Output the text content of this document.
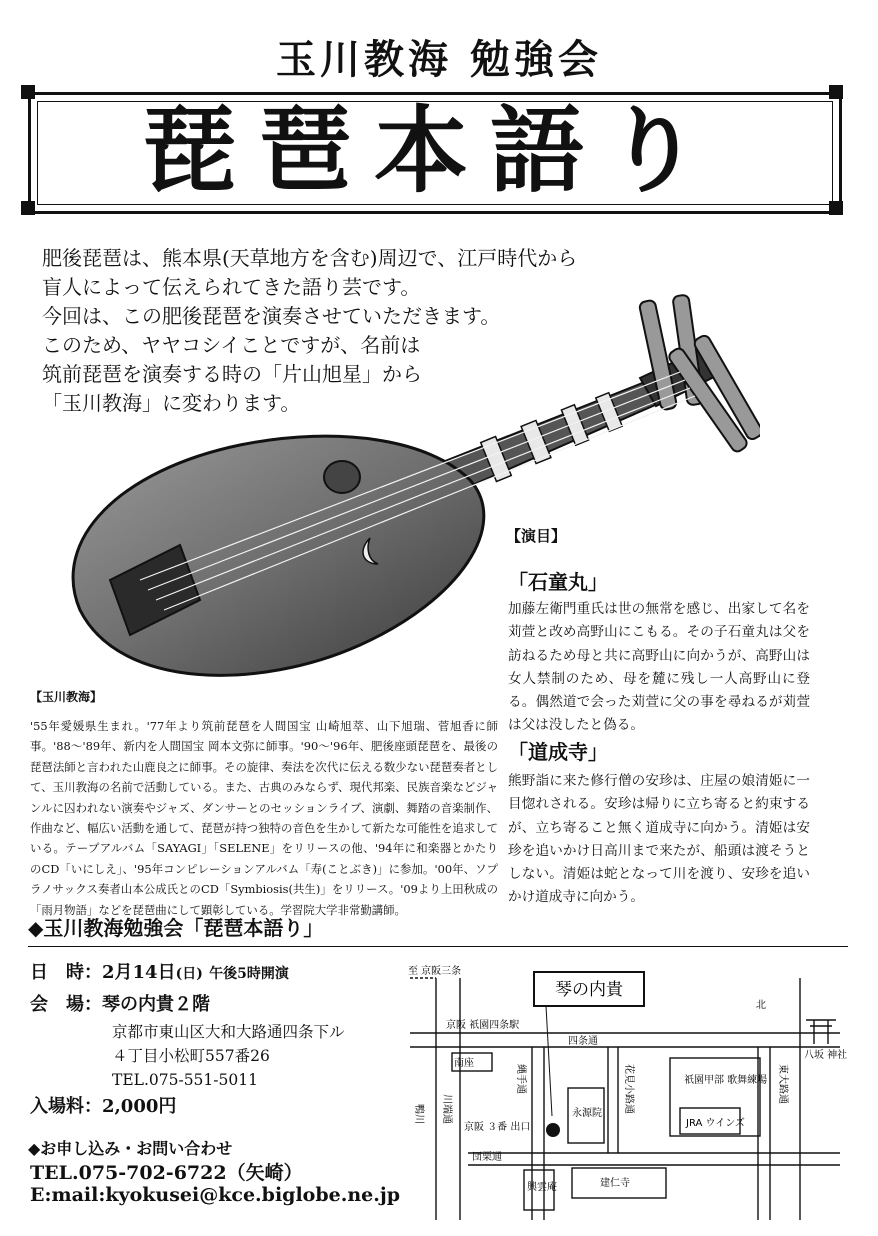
玉川教海 勉強会
琵琶本語り

肥後琵琶は、熊本県(天草地方を含む)周辺で、江戸時代から

盲人によって伝えられてきた語り芸です。

今回は、この肥後琵琶を演奏させていただきます。

このため、ヤヤコシイことですが、名前は

筑前琵琶を演奏する時の「片山旭星」から

「玉川教海」に変わります。

【玉川教海】
'55年愛媛県生まれ。'77年より筑前琵琶を人間国宝 山崎旭萃、山下旭瑞、菅旭香に師事。'88～'89年、新内を人間国宝 岡本文弥に師事。'90～'96年、肥後座頭琵琶を、最後の琵琶法師と言われた山鹿良之に師事。その旋律、奏法を次代に伝える数少ない琵琶奏者として、玉川教海の名前で活動している。また、古典のみならず、現代邦楽、民族音楽などジャンルに囚われない演奏やジャズ、ダンサーとのセッションライブ、演劇、舞踏の音楽制作、作曲など、幅広い活動を通して、琵琶が持つ独特の音色を生かして新たな可能性を追求している。テープアルバム「SAYAGI」「SELENE」をリリースの他、'94年に和楽器とかたりのCD「いにしえ」、'95年コンピレーションアルバム「寿(ことぶき)」に参加。'00年、ソプラノサックス奏者山本公成氏とのCD「Symbiosis(共生)」をリリース。'09より上田秋成の「雨月物語」などを琵琶曲にして顕彰している。学習院大学非常勤講師。
【演目】
「石童丸」
加藤左衛門重氏は世の無常を感じ、出家して名を苅萱と改め高野山にこもる。その子石童丸は父を訪ねるため母と共に高野山に向かうが、高野山は女人禁制のため、母を麓に残し一人高野山に登る。偶然道で会った苅萱に父の事を尋ねるが苅萱は父は没したと偽る。
「道成寺」
熊野詣に来た修行僧の安珍は、庄屋の娘清姫に一目惚れされる。安珍は帰りに立ち寄ると約束するが、立ち寄ること無く道成寺に向かう。清姫は安珍を追いかけ日高川まで来たが、船頭は渡そうとしない。清姫は蛇となって川を渡り、安珍を追いかけ道成寺に向かう。
◆玉川教海勉強会「琵琶本語り」
日　時：2月14日(日) 午後5時開演
会　場：琴の内貴２階
京都市東山区大和大路通四条下ル
４丁目小松町557番26
TEL.075-551-5011
入場料：2,000円
◆お申し込み・お問い合わせ
TEL.075-702-6722（矢崎）
E:mail:kyokusei@kce.biglobe.ne.jp
琴の内貴
至 京阪三条
京阪 祇園四条駅
四条通
南座
川端通
鴨川
縄手通	花見小路通	祇園甲部 歌舞練場
JRA ウインズ
東大路通
八坂 神社
永源院
建仁寺
興雲庵
京阪 ３番 出口
団栗通
北
